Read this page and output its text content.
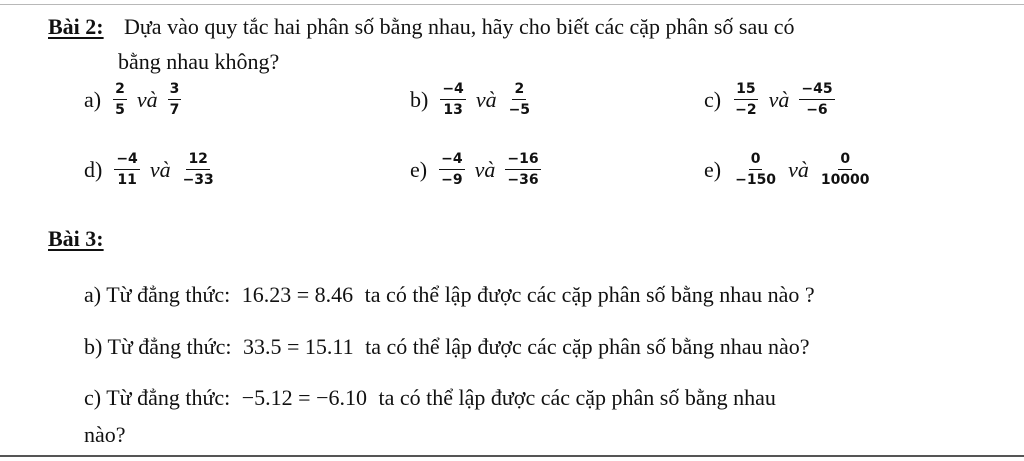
Bài 2: Dựa vào quy tắc hai phân số bằng nhau, hãy cho biết các cặp phân số sau có
bằng nhau không?
$a) \frac{2}{5}$ và $\frac{3}{7}$	$b) \frac{-4}{13}$ và $\frac{2}{-5}$	$c) \frac{15}{-2}$ và $\frac{-45}{-6}$
$d) \frac{-4}{11}$ và $\frac{12}{-33}$	$e) \frac{-4}{-9}$ và $\frac{-16}{-36}$	$e) \frac{0}{-150}$ và $\frac{0}{10000}$
Bài 3:
a) Từ đẳng thức: 16.23 = 8.46 ta có thể lập được các cặp phân số bằng nhau nào ?
b) Từ đẳng thức: 33.5 = 15.11 ta có thể lập được các cặp phân số bằng nhau nào?
c) Từ đẳng thức: −5.12 = −6.10 ta có thể lập được các cặp phân số bằng nhau
nào?
